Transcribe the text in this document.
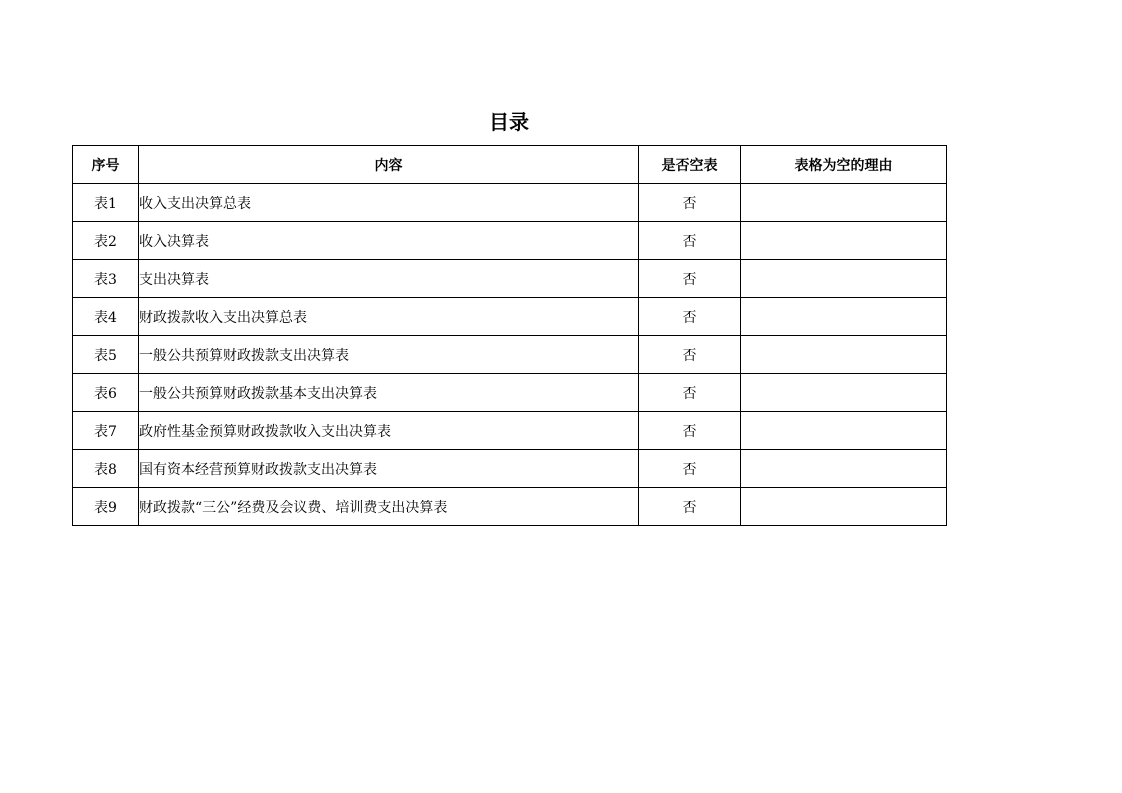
目录
序号	内容	是否空表	表格为空的理由
表1	收入支出决算总表	否	
表2	收入决算表	否	
表3	支出决算表	否	
表4	财政拨款收入支出决算总表	否	
表5	一般公共预算财政拨款支出决算表	否	
表6	一般公共预算财政拨款基本支出决算表	否	
表7	政府性基金预算财政拨款收入支出决算表	否	
表8	国有资本经营预算财政拨款支出决算表	否	
表9	财政拨款“三公”经费及会议费、培训费支出决算表	否	
